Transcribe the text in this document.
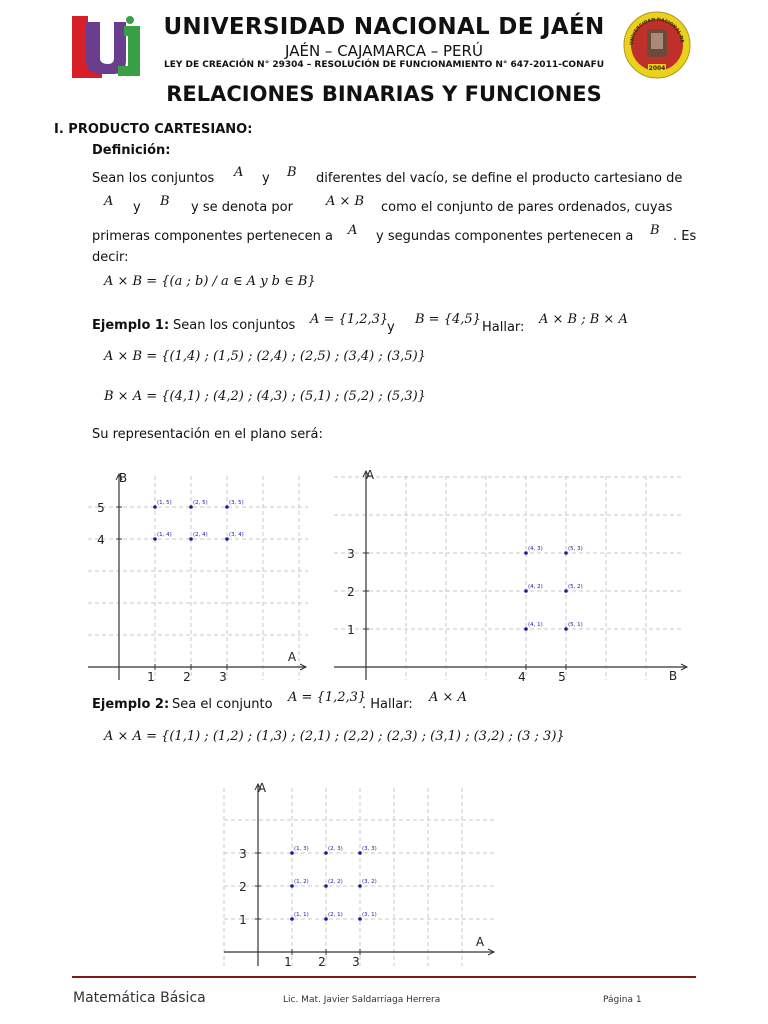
UNIVERSIDAD NACIONAL DE JAÉN
JAÉN – CAJAMARCA – PERÚ
LEY DE CREACIÓN N° 29304 – RESOLUCIÓN DE FUNCIONAMIENTO N° 647-2011-CONAFU
UNIVERSIDAD NACIONAL DE
2004
RELACIONES BINARIAS Y FUNCIONES
I. PRODUCTO CARTESIANO:
Definición:
Sean los conjuntos A y B diferentes del vacío, se define el producto cartesiano de
A y B y se denota por	A × B como el conjunto de pares ordenados, cuyas
primeras componentes pertenecen a A y segundas componentes pertenecen a B . Es
decir:
A × B = {(a ; b) / a ∈ A y b ∈ B}
Ejemplo 1: Sean los conjuntos A = {1,2,3}
y
B = {4,5}
Hallar:
A × B ; B × A
A × B = {(1,4) ; (1,5) ; (2,4) ; (2,5) ; (3,4) ; (3,5)}
B × A = {(4,1) ; (4,2) ; (4,3) ; (5,1) ; (5,2) ; (5,3)}
Su representación en el plano será:
A
B
1 2 3
4
5	(1, 5)	(2, 5)	(3, 5)
(1, 4)	(2, 4)	(3, 4)
B
A
4	5
1
2
3	(4, 3)	(5, 3)
(4, 2)	(5, 2)
(4, 1)	(5, 1)
Ejemplo 2: Sea el conjunto A = {1,2,3}
. Hallar: A × A
A × A = {(1,1) ; (1,2) ; (1,3) ; (2,1) ; (2,2) ; (2,3) ; (3,1) ; (3,2) ; (3 ; 3)}
A
A
1 2 3
1
2
3	(1, 3)	(2, 3)	(3, 3)
(1, 2)	(2, 2)	(3, 2)
(1, 1)	(2, 1)	(3, 1)
Matemática Básica	Lic. Mat. Javier Saldarriaga Herrera	Página 1
